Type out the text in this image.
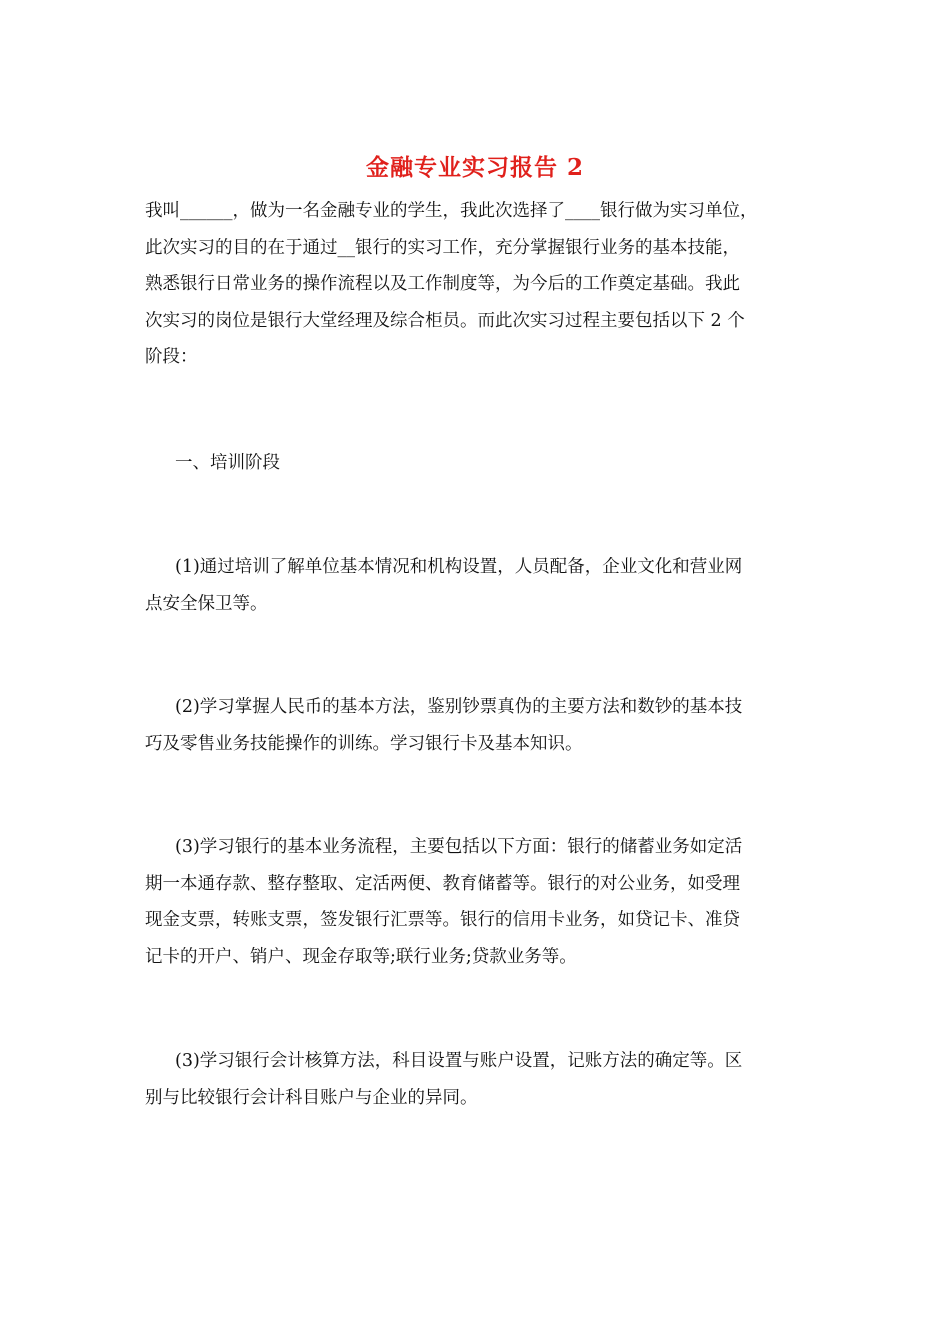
金融专业实习报告 2
我叫______，做为一名金融专业的学生，我此次选择了____银行做为实习单位，
此次实习的目的在于通过__银行的实习工作，充分掌握银行业务的基本技能，
熟悉银行日常业务的操作流程以及工作制度等，为今后的工作奠定基础。我此
次实习的岗位是银行大堂经理及综合柜员。而此次实习过程主要包括以下 2 个
阶段：
一、培训阶段
(1)通过培训了解单位基本情况和机构设置，人员配备，企业文化和营业网
点安全保卫等。
(2)学习掌握人民币的基本方法，鉴别钞票真伪的主要方法和数钞的基本技
巧及零售业务技能操作的训练。学习银行卡及基本知识。
(3)学习银行的基本业务流程，主要包括以下方面：银行的储蓄业务如定活
期一本通存款、整存整取、定活两便、教育储蓄等。银行的对公业务，如受理
现金支票，转账支票，签发银行汇票等。银行的信用卡业务，如贷记卡、准贷
记卡的开户、销户、现金存取等;联行业务;贷款业务等。
(3)学习银行会计核算方法，科目设置与账户设置，记账方法的确定等。区
别与比较银行会计科目账户与企业的异同。
